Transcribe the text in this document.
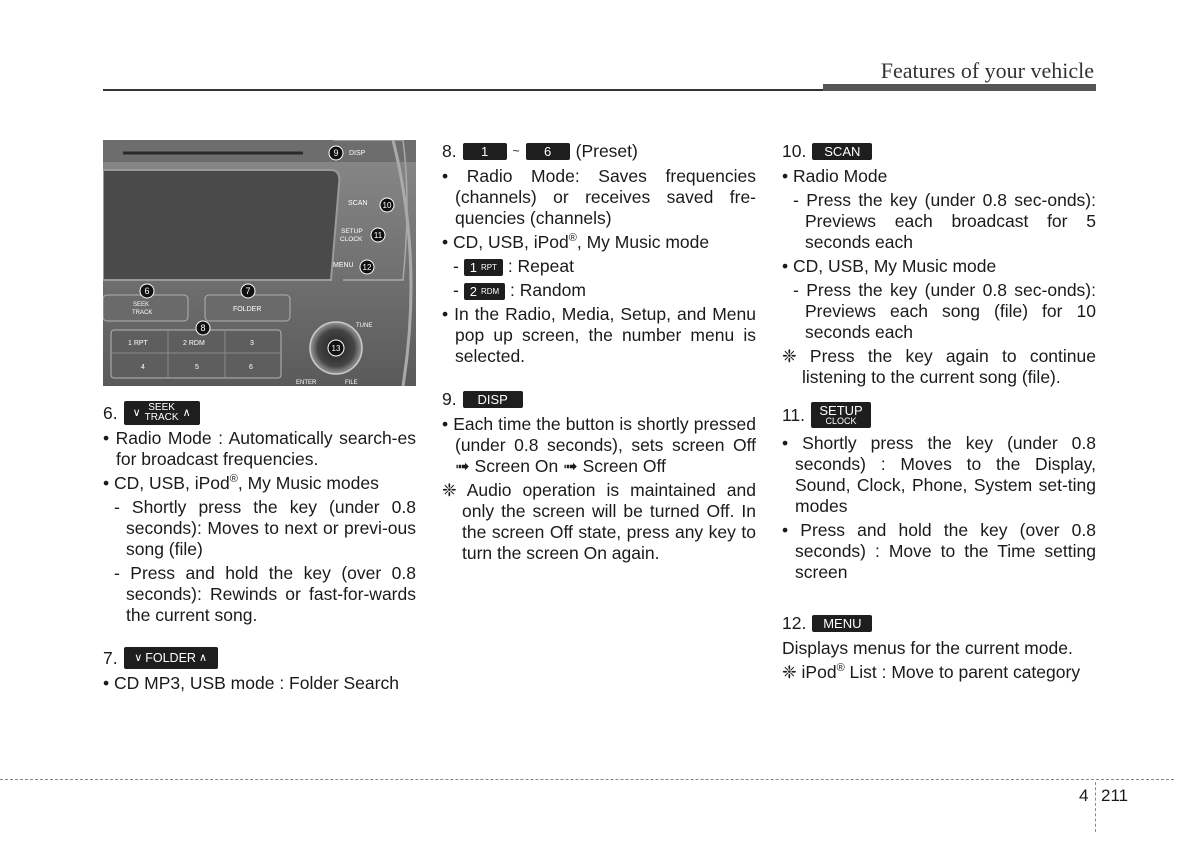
Features of your vehicle
DISP
SCAN
SETUP
CLOCK
MENU
SEEK
TRACK	FOLDER
1 RPT	2 RDM	3
4	5	6
TUNE
ENTER	FILE
6	7
8
9
10
11
12
13
6. ∨ SEEK
TRACK ∧

• Radio Mode : Automatically search-es for broadcast frequencies.

• CD, USB, iPod®, My Music modes

- Shortly press the key (under 0.8 seconds): Moves to next or previ-ous song (file)

- Press and hold the key (over 0.8 seconds): Rewinds or fast-for-wards the current song.

7. ∨ FOLDER ∧

• CD MP3, USB mode : Folder Search

8.	1	~	6	(Preset)

• Radio Mode: Saves frequencies (channels) or receives saved fre-quencies (channels)

• CD, USB, iPod®, My Music mode

- 1 RPT : Repeat

- 2 RDM : Random

• In the Radio, Media, Setup, and Menu pop up screen, the number menu is selected.

9.	DISP

• Each time the button is shortly pressed (under 0.8 seconds), sets screen Off ➟ Screen On ➟ Screen Off

❈ Audio operation is maintained and only the screen will be turned Off. In the screen Off state, press any key to turn the screen On again.

10.	SCAN

• Radio Mode

- Press the key (under 0.8 sec-onds): Previews each broadcast for 5 seconds each

• CD, USB, My Music mode

- Press the key (under 0.8 sec-onds): Previews each song (file) for 10 seconds each

❈ Press the key again to continue listening to the current song (file).

11. SETUP
CLOCK

• Shortly press the key (under 0.8 seconds) : Moves to the Display, Sound, Clock, Phone, System set-ting modes

• Press and hold the key (over 0.8 seconds) : Move to the Time setting screen

12.	MENU

Displays menus for the current mode.

❈ iPod® List : Move to parent category

4 211
